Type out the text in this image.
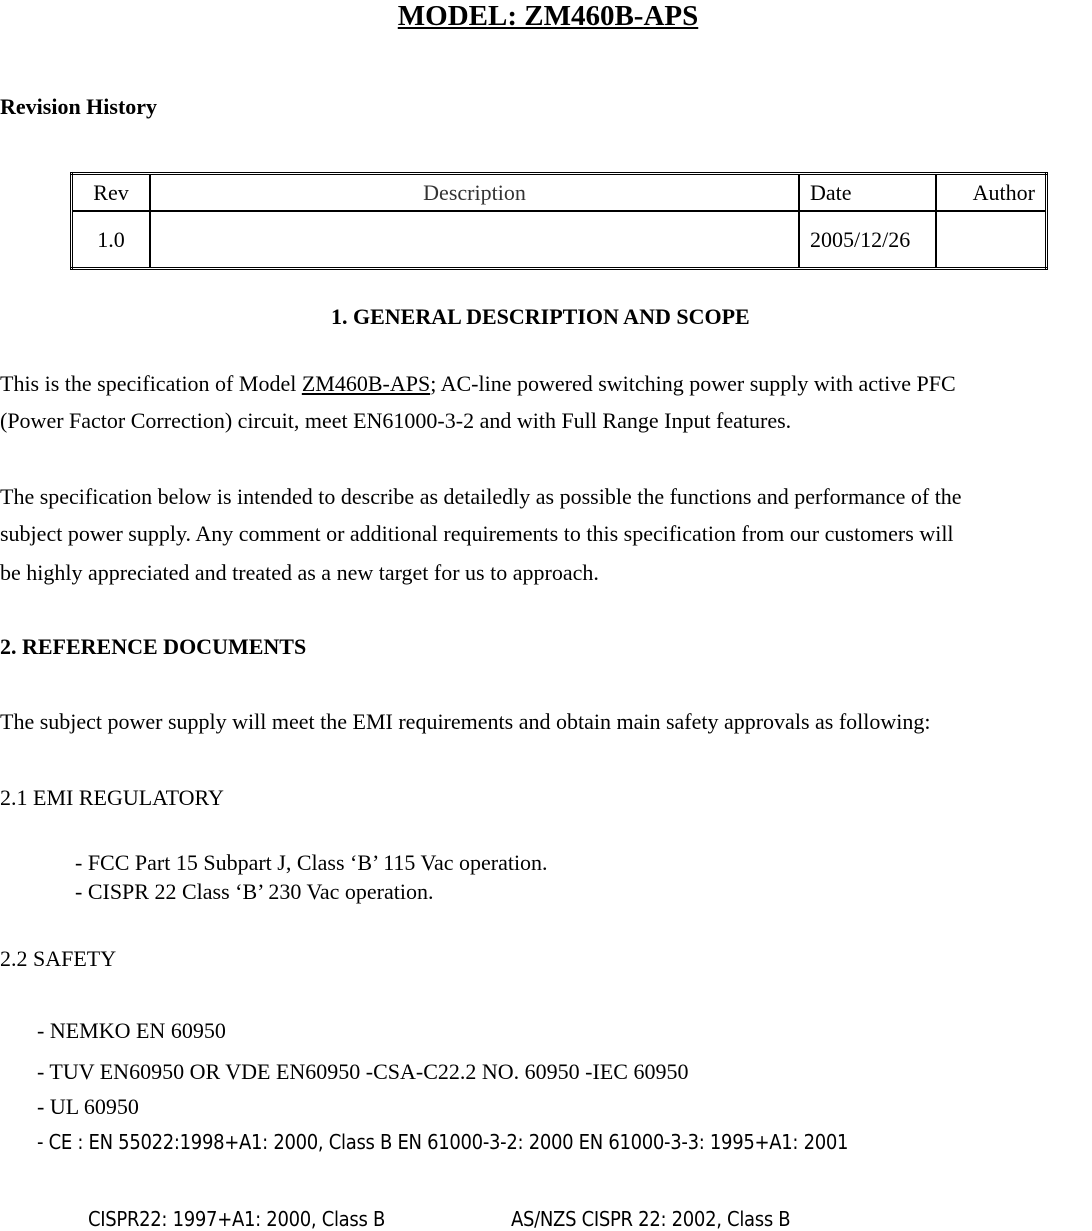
MODEL: ZM460B-APS
Revision History
Rev	Description	Date	Author
1.0		2005/12/26	
1. GENERAL DESCRIPTION AND SCOPE
This is the specification of Model ZM460B-APS; AC-line powered switching power supply with active PFC
(Power Factor Correction) circuit, meet EN61000-3-2 and with Full Range Input features.
The specification below is intended to describe as detailedly as possible the functions and performance of the
subject power supply. Any comment or additional requirements to this specification from our customers will
be highly appreciated and treated as a new target for us to approach.
2. REFERENCE DOCUMENTS
The subject power supply will meet the EMI requirements and obtain main safety approvals as following:
2.1 EMI REGULATORY
- FCC Part 15 Subpart J, Class ‘B’ 115 Vac operation.
- CISPR 22 Class ‘B’ 230 Vac operation.
2.2 SAFETY
- NEMKO EN 60950
- TUV EN60950 OR VDE EN60950 -CSA-C22.2 NO. 60950 -IEC 60950
- UL 60950
- CE : EN 55022:1998+A1: 2000, Class B EN 61000-3-2: 2000 EN 61000-3-3: 1995+A1: 2001
CISPR22: 1997+A1: 2000, Class B	AS/NZS CISPR 22: 2002, Class B
